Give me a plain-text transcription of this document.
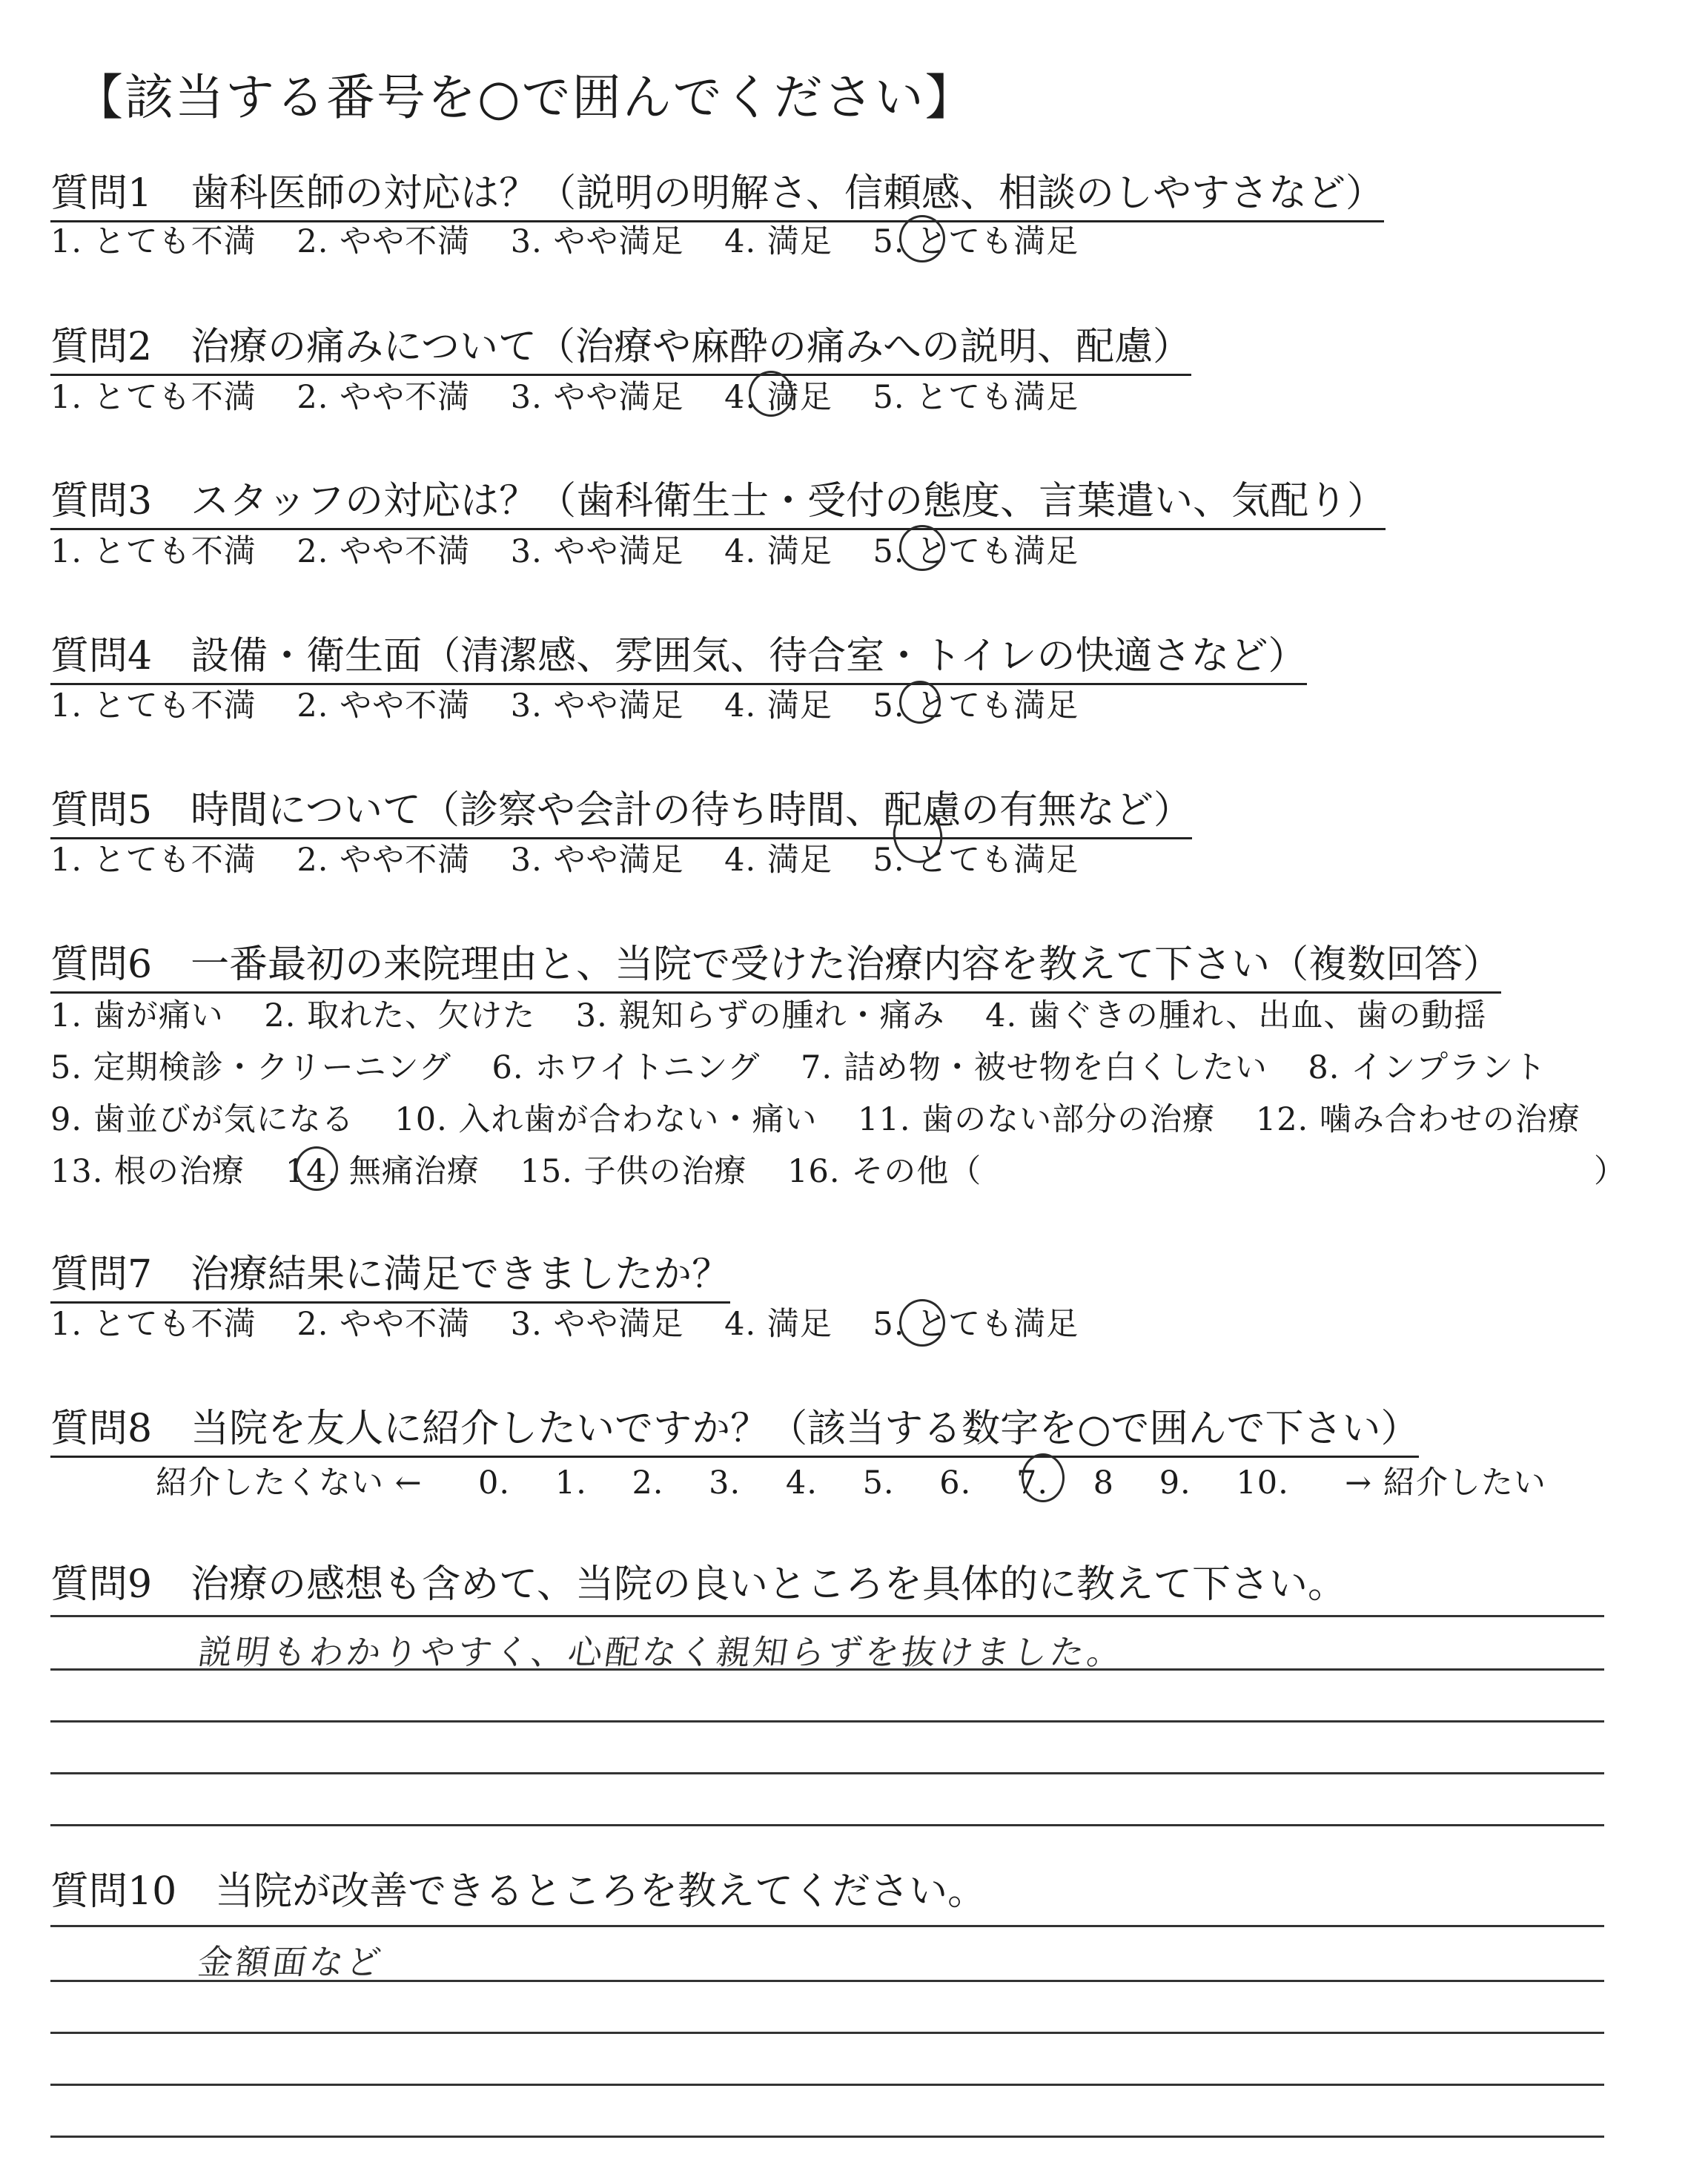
【該当する番号を○で囲んでください】
質問1　歯科医師の対応は？（説明の明解さ、信頼感、相談のしやすさなど）
1. とても不満 2. やや不満 3. やや満足 4. 満足 5. とても満足
質問2　治療の痛みについて（治療や麻酔の痛みへの説明、配慮）
1. とても不満 2. やや不満 3. やや満足 4. 満足 5. とても満足
質問3　スタッフの対応は？（歯科衛生士・受付の態度、言葉遣い、気配り）
1. とても不満 2. やや不満 3. やや満足 4. 満足 5. とても満足
質問4　設備・衛生面（清潔感、雰囲気、待合室・トイレの快適さなど）
1. とても不満 2. やや不満 3. やや満足 4. 満足 5. とても満足
質問5　時間について（診察や会計の待ち時間、配慮の有無など）
1. とても不満 2. やや不満 3. やや満足 4. 満足 5. とても満足
質問6　一番最初の来院理由と、当院で受けた治療内容を教えて下さい（複数回答）
1. 歯が痛い 2. 取れた、欠けた 3. 親知らずの腫れ・痛み 4. 歯ぐきの腫れ、出血、歯の動揺
5. 定期検診・クリーニング 6. ホワイトニング 7. 詰め物・被せ物を白くしたい 8. インプラント
9. 歯並びが気になる 10. 入れ歯が合わない・痛い 11. 歯のない部分の治療 12. 噛み合わせの治療
13. 根の治療 14. 無痛治療 15. 子供の治療 16. その他（	）
質問7　治療結果に満足できましたか？
1. とても不満 2. やや不満 3. やや満足 4. 満足 5. とても満足
質問8　当院を友人に紹介したいですか？（該当する数字を○で囲んで下さい）
紹介したくない ← 0. 1. 2. 3. 4. 5. 6. 7. 8 9. 10. → 紹介したい
質問9　治療の感想も含めて、当院の良いところを具体的に教えて下さい。
説明もわかりやすく、心配なく親知らずを抜けました。
質問10　当院が改善できるところを教えてください。
金額面など
